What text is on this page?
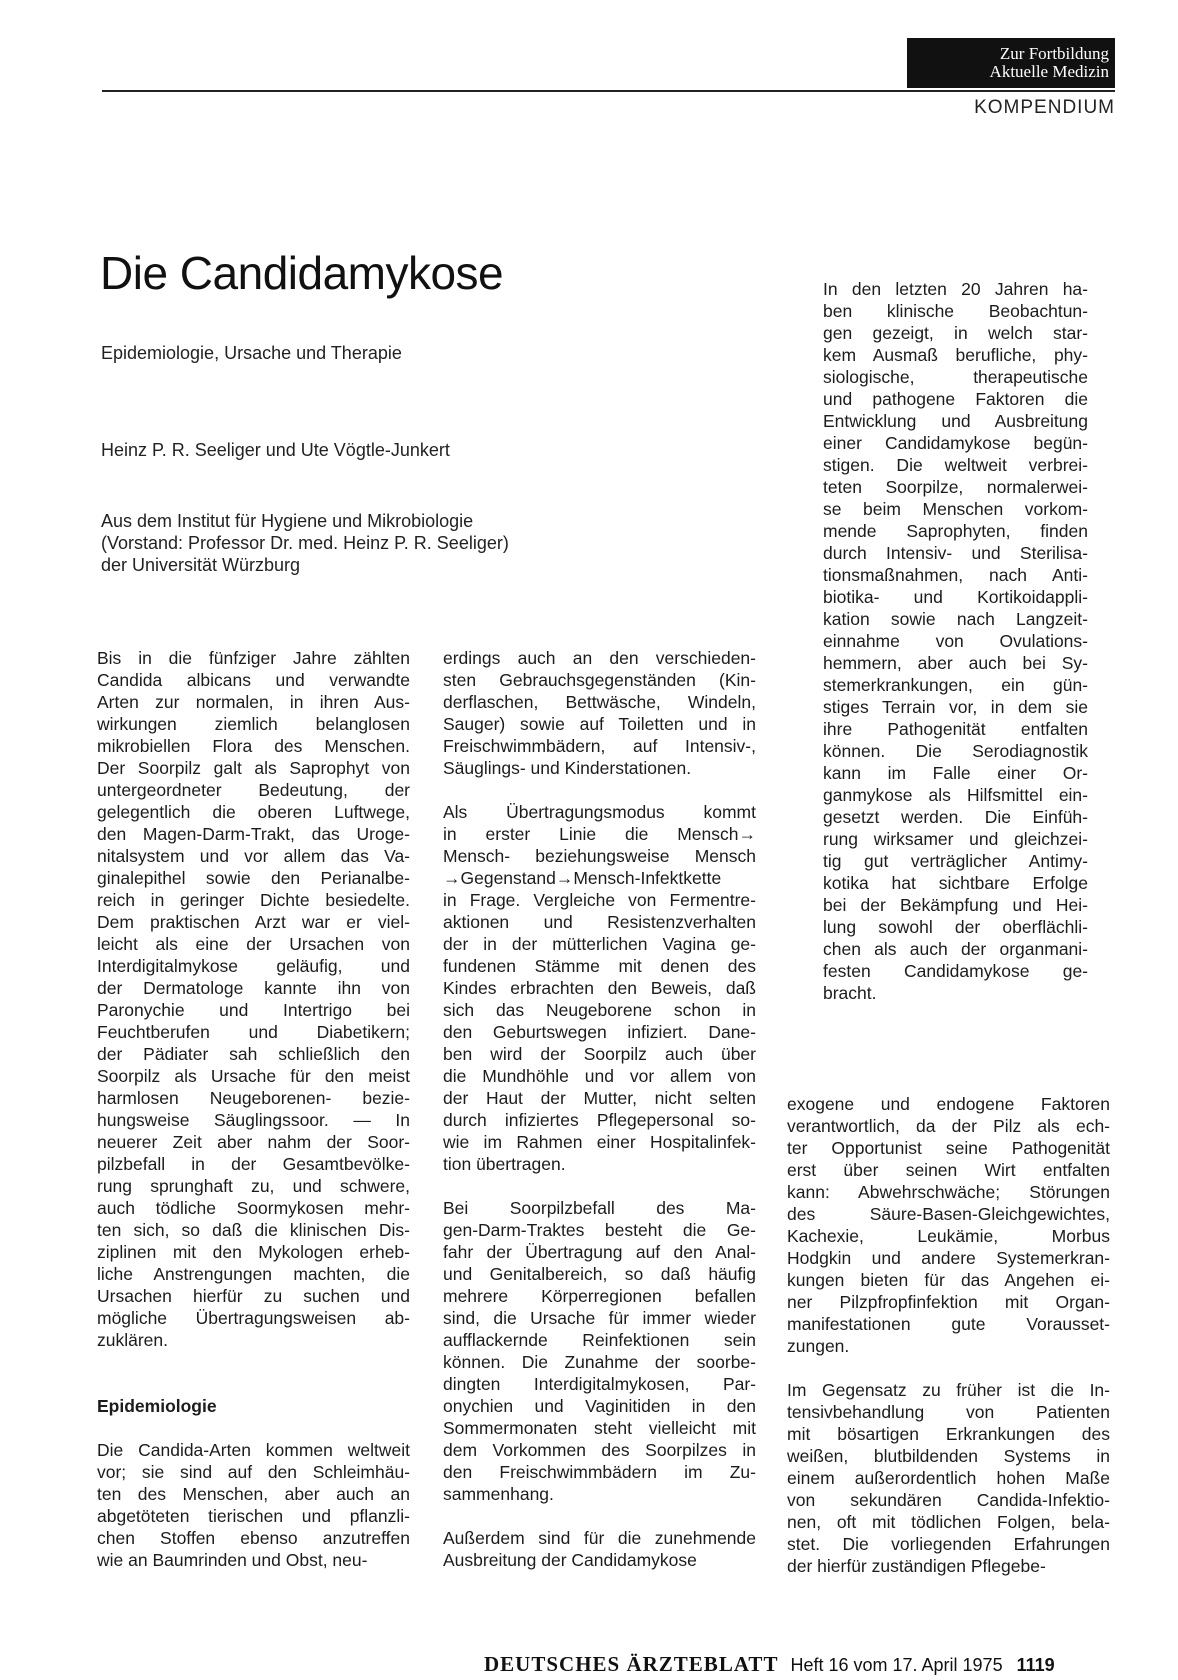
Zur Fortbildung
Aktuelle Medizin
KOMPENDIUM
Die Candidamykose

Epidemiologie, Ursache und Therapie

Heinz P. R. Seeliger und Ute Vögtle-Junkert

Aus dem Institut für Hygiene und Mikrobiologie
(Vorstand: Professor Dr. med. Heinz P. R. Seeliger)
der Universität Würzburg

In den letzten 20 Jahren ha-
ben klinische Beobachtun-
gen gezeigt, in welch star-
kem Ausmaß berufliche, phy-
siologische, therapeutische
und pathogene Faktoren die
Entwicklung und Ausbreitung
einer Candidamykose begün-
stigen. Die weltweit verbrei-
teten Soorpilze, normalerwei-
se beim Menschen vorkom-
mende Saprophyten, finden
durch Intensiv- und Sterilisa-
tionsmaßnahmen, nach Anti-
biotika- und Kortikoidappli-
kation sowie nach Langzeit-
einnahme von Ovulations-
hemmern, aber auch bei Sy-
stemerkrankungen, ein gün-
stiges Terrain vor, in dem sie
ihre Pathogenität entfalten
können. Die Serodiagnostik
kann im Falle einer Or-
ganmykose als Hilfsmittel ein-
gesetzt werden. Die Einfüh-
rung wirksamer und gleichzei-
tig gut verträglicher Antimy-
kotika hat sichtbare Erfolge
bei der Bekämpfung und Hei-
lung sowohl der oberflächli-
chen als auch der organmani-
festen Candidamykose ge-
bracht.

Bis in die fünfziger Jahre zählten
Candida albicans und verwandte
Arten zur normalen, in ihren Aus-
wirkungen ziemlich belanglosen
mikrobiellen Flora des Menschen.
Der Soorpilz galt als Saprophyt von
untergeordneter Bedeutung, der
gelegentlich die oberen Luftwege,
den Magen-Darm-Trakt, das Uroge-
nitalsystem und vor allem das Va-
ginalepithel sowie den Perianalbe-
reich in geringer Dichte besiedelte.
Dem praktischen Arzt war er viel-
leicht als eine der Ursachen von
Interdigitalmykose geläufig, und
der Dermatologe kannte ihn von
Paronychie und Intertrigo bei
Feuchtberufen und Diabetikern;
der Pädiater sah schließlich den
Soorpilz als Ursache für den meist
harmlosen Neugeborenen- bezie-
hungsweise Säuglingssoor. — In
neuerer Zeit aber nahm der Soor-
pilzbefall in der Gesamtbevölke-
rung sprunghaft zu, und schwere,
auch tödliche Soormykosen mehr-
ten sich, so daß die klinischen Dis-
ziplinen mit den Mykologen erheb-
liche Anstrengungen machten, die
Ursachen hierfür zu suchen und
mögliche Übertragungsweisen ab-
zuklären.

Epidemiologie

Die Candida-Arten kommen weltweit
vor; sie sind auf den Schleimhäu-
ten des Menschen, aber auch an
abgetöteten tierischen und pflanzli-
chen Stoffen ebenso anzutreffen
wie an Baumrinden und Obst, neu-

erdings auch an den verschieden-
sten Gebrauchsgegenständen (Kin-
derflaschen, Bettwäsche, Windeln,
Sauger) sowie auf Toiletten und in
Freischwimmbädern, auf Intensiv-,
Säuglings- und Kinderstationen.

Als Übertragungsmodus kommt
in erster Linie die Mensch→
Mensch- beziehungsweise Mensch
→Gegenstand→Mensch-Infektkette
in Frage. Vergleiche von Fermentre-
aktionen und Resistenzverhalten
der in der mütterlichen Vagina ge-
fundenen Stämme mit denen des
Kindes erbrachten den Beweis, daß
sich das Neugeborene schon in
den Geburtswegen infiziert. Dane-
ben wird der Soorpilz auch über
die Mundhöhle und vor allem von
der Haut der Mutter, nicht selten
durch infiziertes Pflegepersonal so-
wie im Rahmen einer Hospitalinfek-
tion übertragen.

Bei Soorpilzbefall des Ma-
gen-Darm-Traktes besteht die Ge-
fahr der Übertragung auf den Anal-
und Genitalbereich, so daß häufig
mehrere Körperregionen befallen
sind, die Ursache für immer wieder
aufflackernde Reinfektionen sein
können. Die Zunahme der soorbe-
dingten Interdigitalmykosen, Par-
onychien und Vaginitiden in den
Sommermonaten steht vielleicht mit
dem Vorkommen des Soorpilzes in
den Freischwimmbädern im Zu-
sammenhang.

Außerdem sind für die zunehmende
Ausbreitung der Candidamykose

exogene und endogene Faktoren
verantwortlich, da der Pilz als ech-
ter Opportunist seine Pathogenität
erst über seinen Wirt entfalten
kann: Abwehrschwäche; Störungen
des Säure-Basen-Gleichgewichtes,
Kachexie, Leukämie, Morbus
Hodgkin und andere Systemerkran-
kungen bieten für das Angehen ei-
ner Pilzpfropfinfektion mit Organ-
manifestationen gute Vorausset-
zungen.

Im Gegensatz zu früher ist die In-
tensivbehandlung von Patienten
mit bösartigen Erkrankungen des
weißen, blutbildenden Systems in
einem außerordentlich hohen Maße
von sekundären Candida-Infektio-
nen, oft mit tödlichen Folgen, bela-
stet. Die vorliegenden Erfahrungen
der hierfür zuständigen Pflegebe-

DEUTSCHES ÄRZTEBLATT Heft 16 vom 17. April 1975 1119
